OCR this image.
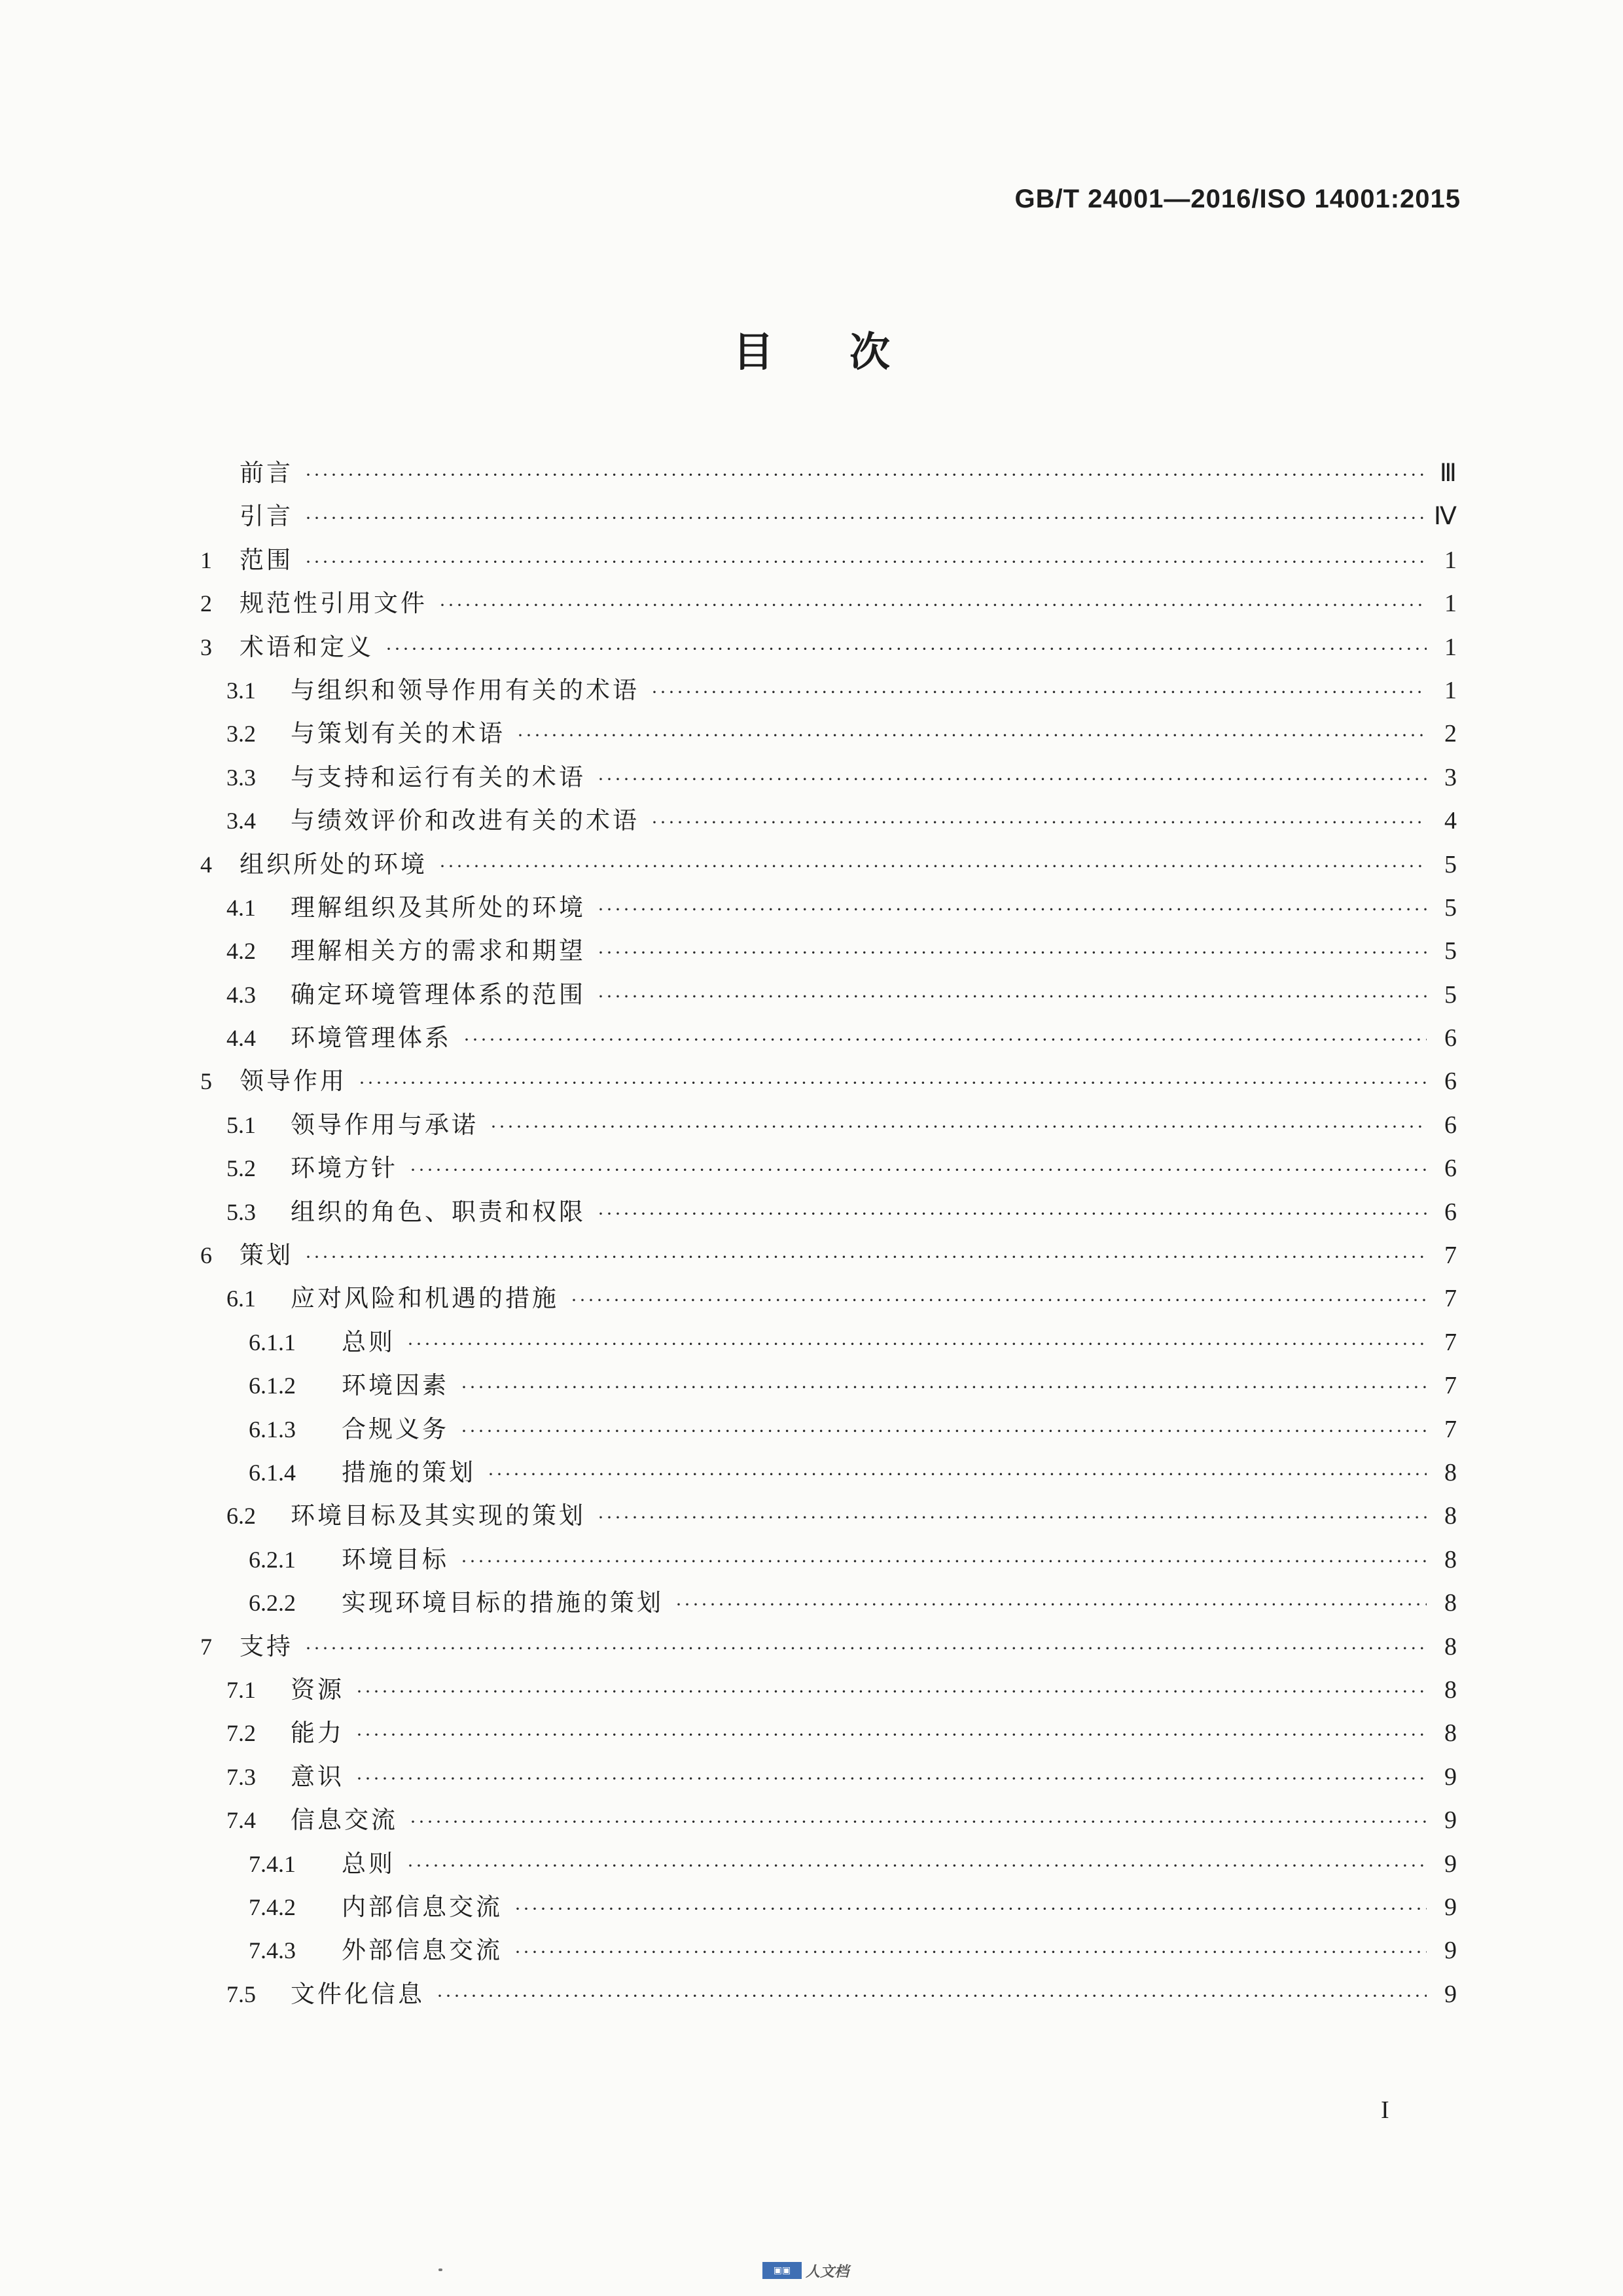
GB/T 24001—2016/ISO 14001:2015
目 次
前言 ·····	Ⅲ
引言 ·····	Ⅳ
1	范围 ·····	1
2	规范性引用文件 ·····	1
3	术语和定义 ·····	1
3.1	与组织和领导作用有关的术语 ·····	1
3.2	与策划有关的术语 ·····	2
3.3	与支持和运行有关的术语 ·····	3
3.4	与绩效评价和改进有关的术语 ·····	4
4	组织所处的环境 ·····	5
4.1	理解组织及其所处的环境 ·····	5
4.2	理解相关方的需求和期望 ·····	5
4.3	确定环境管理体系的范围 ·····	5
4.4	环境管理体系 ·····	6
5	领导作用 ·····	6
5.1	领导作用与承诺 ·····	6
5.2	环境方针 ·····	6
5.3	组织的角色、职责和权限 ·····	6
6	策划 ·····	7
6.1	应对风险和机遇的措施 ·····	7
6.1.1	总则 ·····	7
6.1.2	环境因素 ·····	7
6.1.3	合规义务 ·····	7
6.1.4	措施的策划 ·····	8
6.2	环境目标及其实现的策划 ·····	8
6.2.1	环境目标 ·····	8
6.2.2	实现环境目标的措施的策划 ·····	8
7	支持 ·····	8
7.1	资源 ·····	8
7.2	能力 ·····	8
7.3	意识 ·····	9
7.4	信息交流 ·····	9
7.4.1	总则 ·····	9
7.4.2	内部信息交流 ·····	9
7.4.3	外部信息交流 ·····	9
7.5	文件化信息 ·····	9
I
▣▣	人文档
